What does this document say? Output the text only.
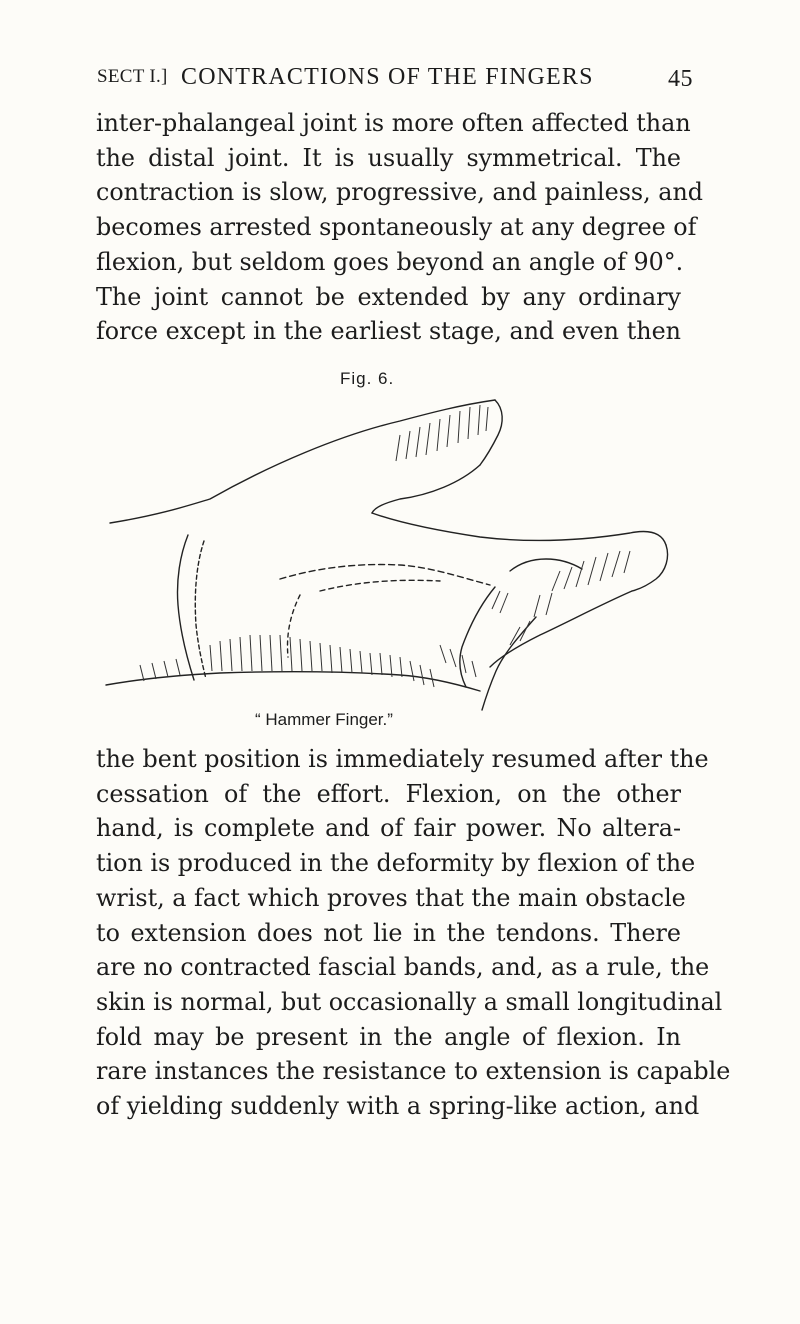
SECT I.] CONTRACTIONS OF THE FINGERS	45
inter-phalangeal joint is more often affected than
the distal joint. It is usually symmetrical. The
contraction is slow, progressive, and painless, and
becomes arrested spontaneously at any degree of
flexion, but seldom goes beyond an angle of 90°.
The joint cannot be extended by any ordinary
force except in the earliest stage, and even then
Fig. 6.
“ Hammer Finger.”
the bent position is immediately resumed after the
cessation of the effort. Flexion, on the other
hand, is complete and of fair power. No altera-
tion is produced in the deformity by flexion of the
wrist, a fact which proves that the main obstacle
to extension does not lie in the tendons. There
are no contracted fascial bands, and, as a rule, the
skin is normal, but occasionally a small longitudinal
fold may be present in the angle of flexion. In
rare instances the resistance to extension is capable
of yielding suddenly with a spring-like action, and
